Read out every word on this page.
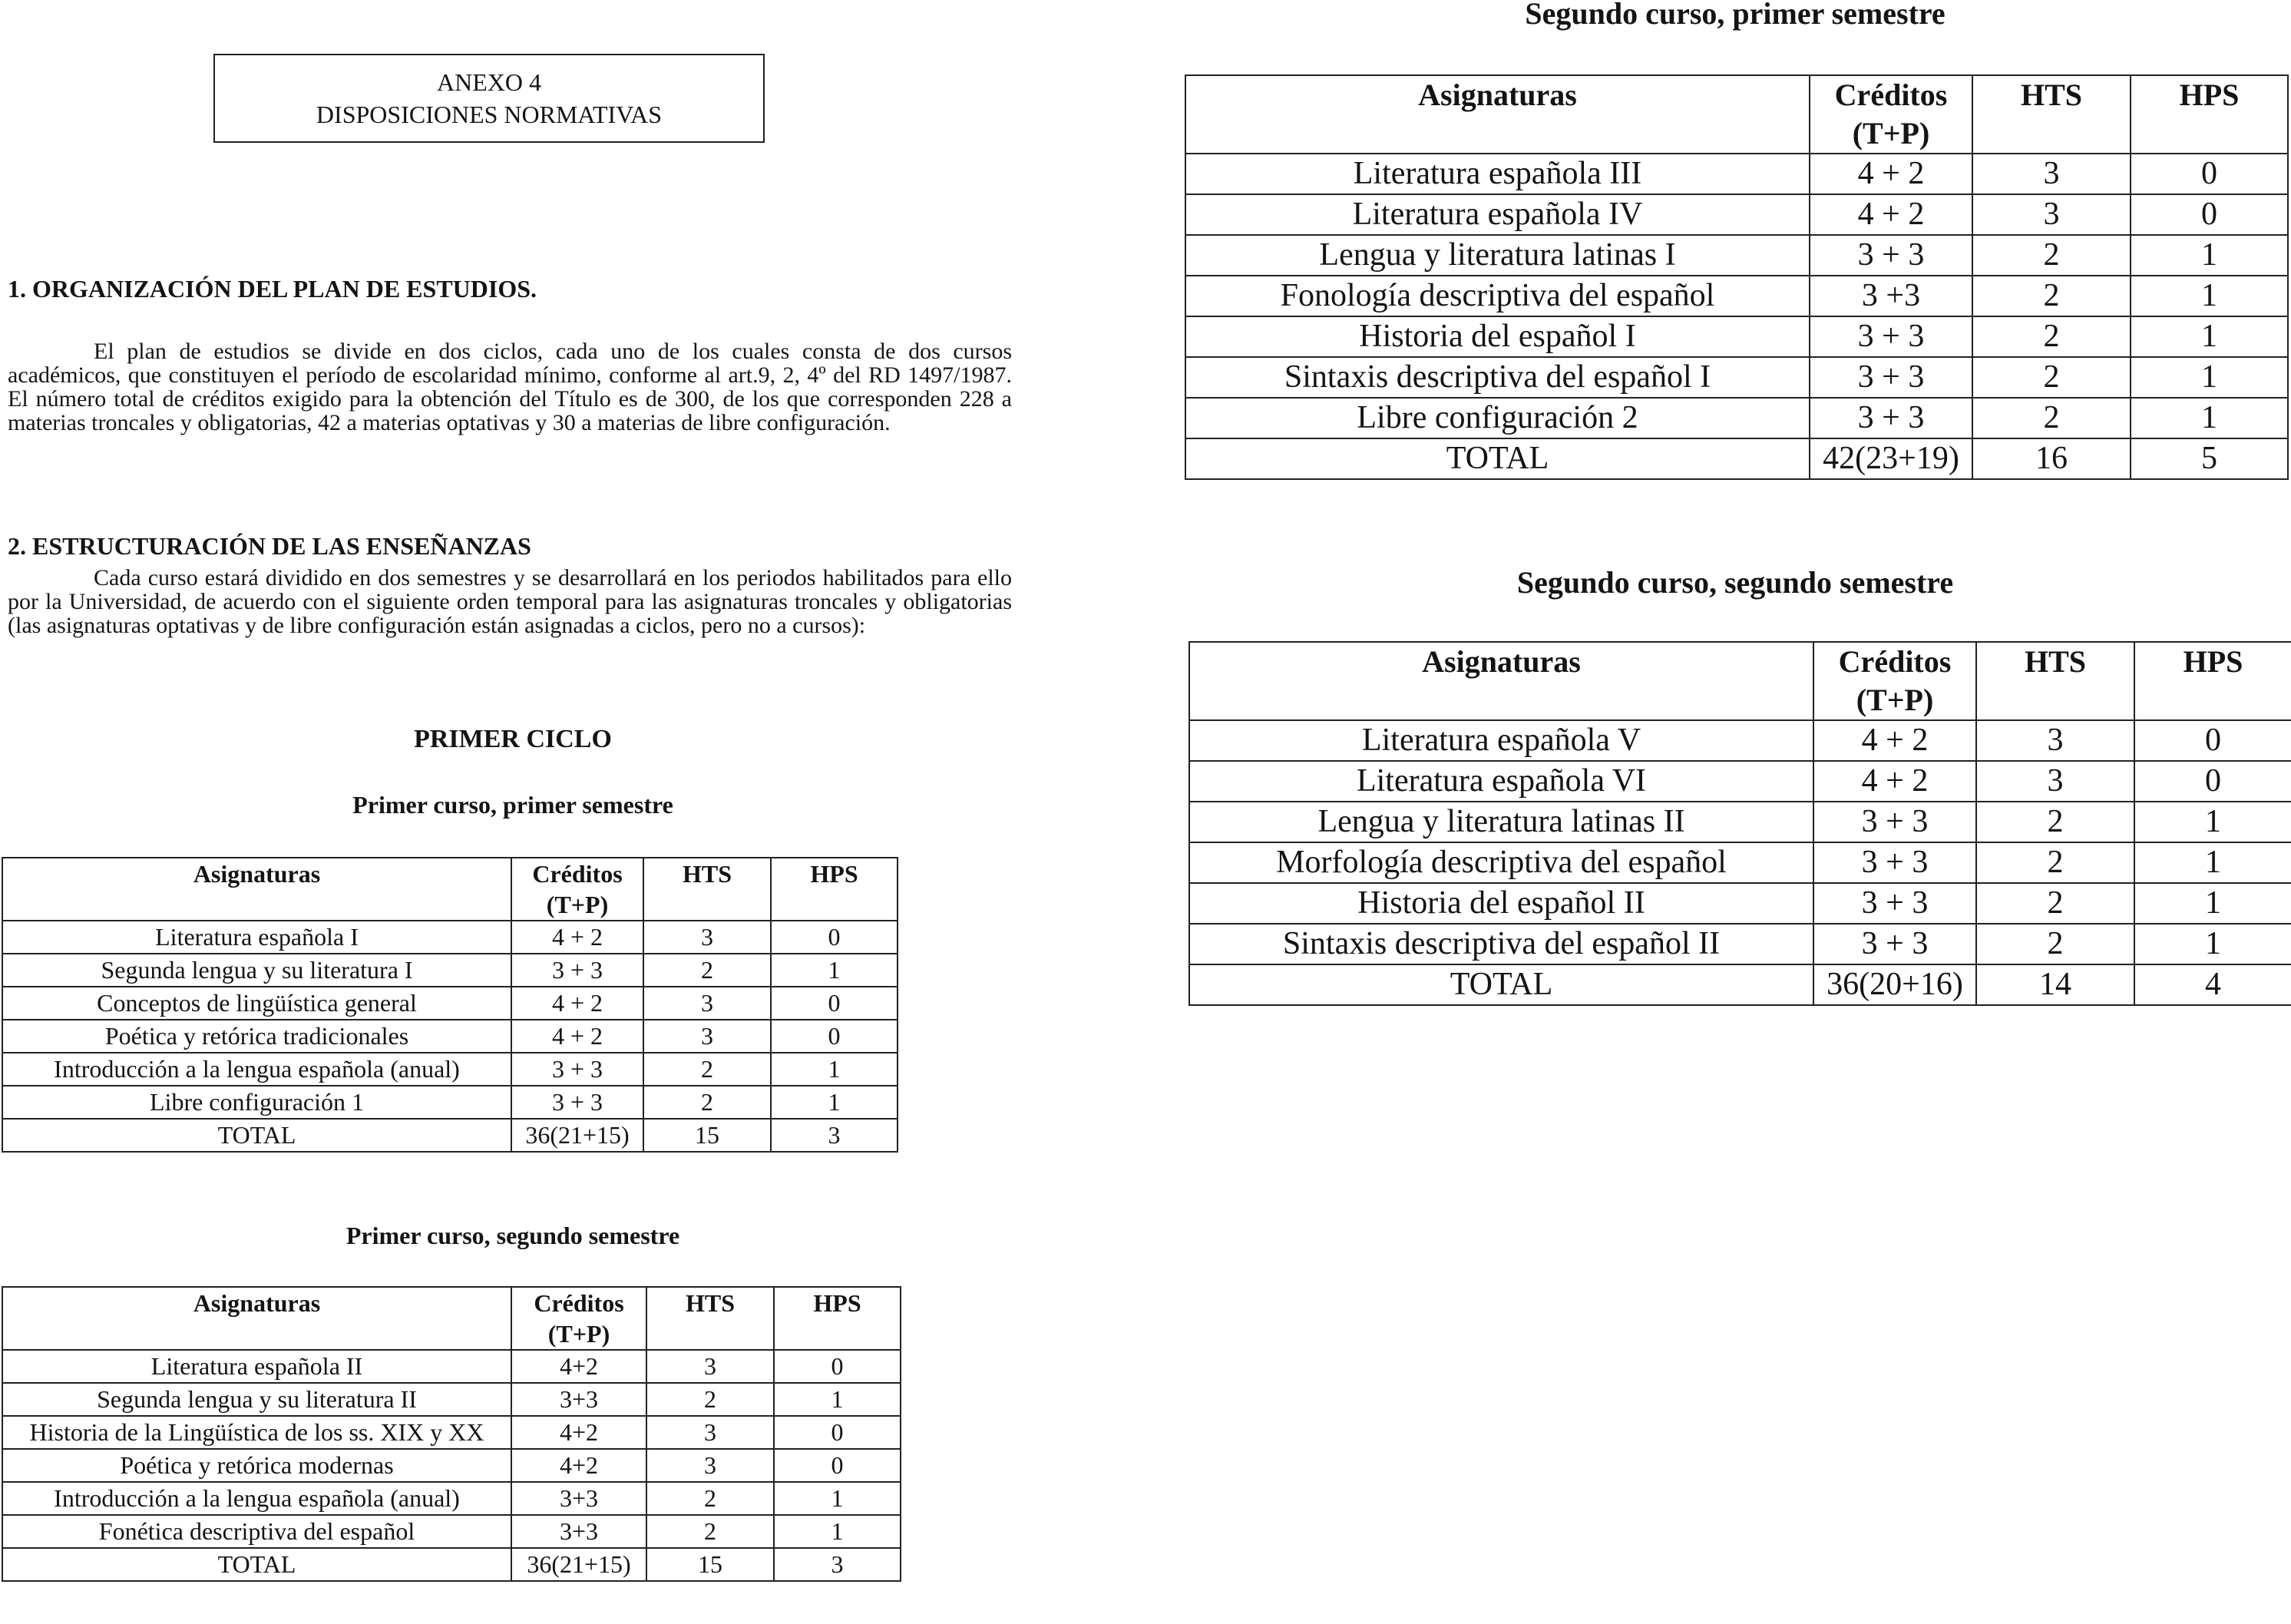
ANEXO 4
DISPOSICIONES NORMATIVAS
1. ORGANIZACIÓN DEL PLAN DE ESTUDIOS.

El plan de estudios se divide en dos ciclos, cada uno de los cuales consta de dos cursos académicos, que constituyen el período de escolaridad mínimo, conforme al art.9, 2, 4º del RD 1497/1987. El número total de créditos exigido para la obtención del Título es de 300, de los que corresponden 228 a materias troncales y obligatorias, 42 a materias optativas y 30 a materias de libre configuración.

2. ESTRUCTURACIÓN DE LAS ENSEÑANZAS

Cada curso estará dividido en dos semestres y se desarrollará en los periodos habilitados para ello por la Universidad, de acuerdo con el siguiente orden temporal para las asignaturas troncales y obligatorias (las asignaturas optativas y de libre configuración están asignadas a ciclos, pero no a cursos):

PRIMER CICLO
Primer curso, primer semestre
Asignaturas	Créditos (T+P)	HTS	HPS
Literatura española I	4 + 2	3	0
Segunda lengua y su literatura I	3 + 3	2	1
Conceptos de lingüística general	4 + 2	3	0
Poética y retórica tradicionales	4 + 2	3	0
Introducción a la lengua española (anual)	3 + 3	2	1
Libre configuración 1	3 + 3	2	1
TOTAL	36(21+15)	15	3
Primer curso, segundo semestre
Asignaturas	Créditos (T+P)	HTS	HPS
Literatura española II	4+2	3	0
Segunda lengua y su literatura II	3+3	2	1
Historia de la Lingüística de los ss. XIX y XX	4+2	3	0
Poética y retórica modernas	4+2	3	0
Introducción a la lengua española (anual)	3+3	2	1
Fonética descriptiva del español	3+3	2	1
TOTAL	36(21+15)	15	3
Segundo curso, primer semestre
Asignaturas	Créditos (T+P)	HTS	HPS
Literatura española III	4 + 2	3	0
Literatura española IV	4 + 2	3	0
Lengua y literatura latinas I	3 + 3	2	1
Fonología descriptiva del español	3 +3	2	1
Historia del español I	3 + 3	2	1
Sintaxis descriptiva del español I	3 + 3	2	1
Libre configuración 2	3 + 3	2	1
TOTAL	42(23+19)	16	5
Segundo curso, segundo semestre
Asignaturas	Créditos (T+P)	HTS	HPS
Literatura española V	4 + 2	3	0
Literatura española VI	4 + 2	3	0
Lengua y literatura latinas II	3 + 3	2	1
Morfología descriptiva del español	3 + 3	2	1
Historia del español II	3 + 3	2	1
Sintaxis descriptiva del español II	3 + 3	2	1
TOTAL	36(20+16)	14	4
